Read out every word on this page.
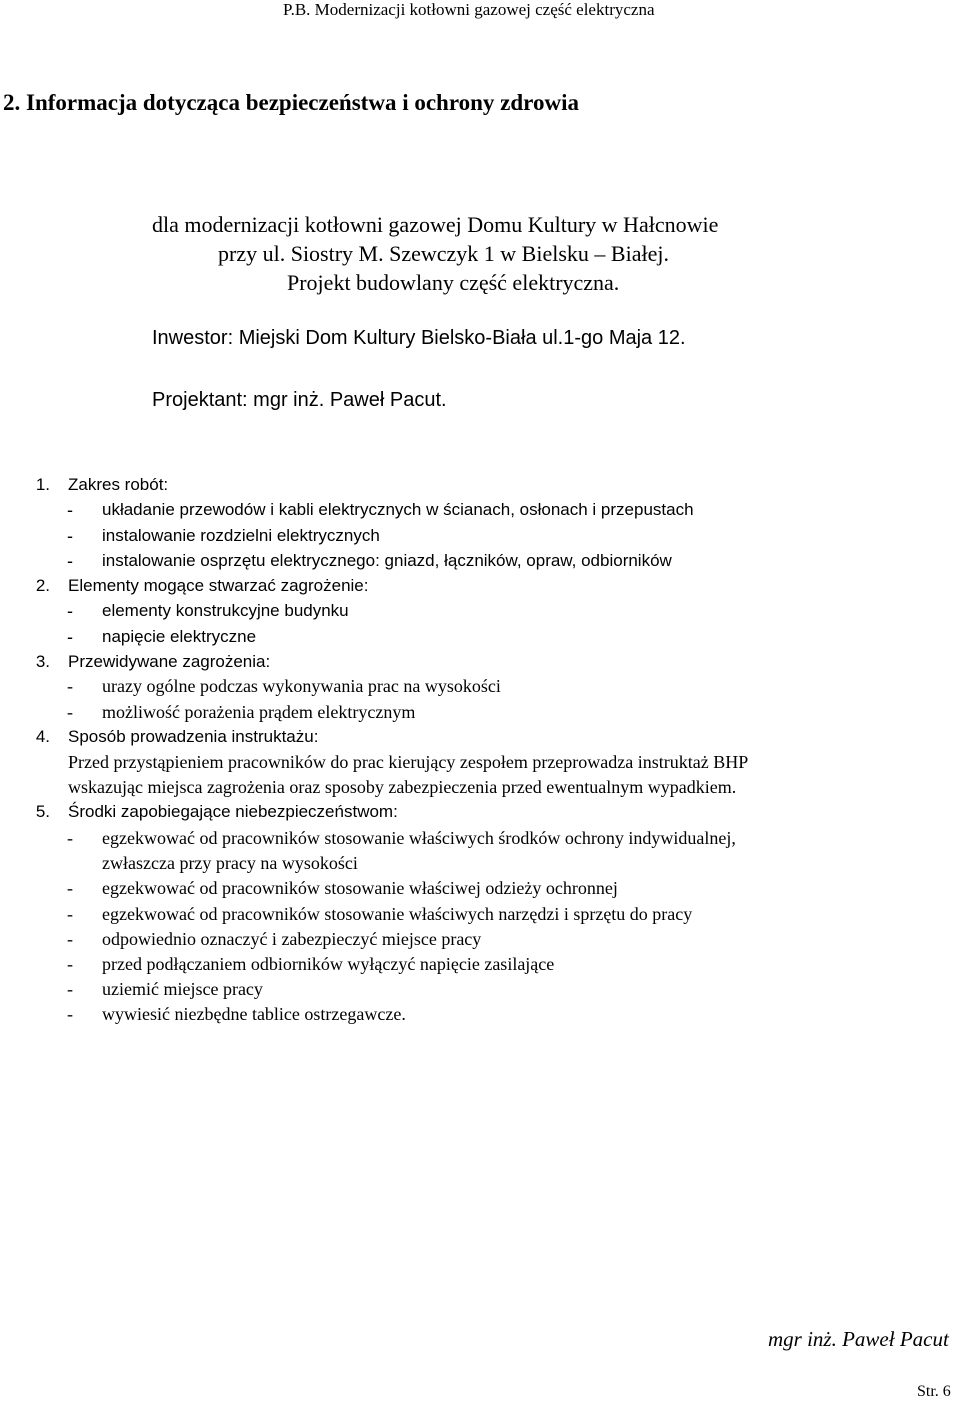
P.B. Modernizacji kotłowni gazowej część elektryczna
2. Informacja dotycząca bezpieczeństwa i ochrony zdrowia
dla modernizacji kotłowni gazowej Domu Kultury w Hałcnowie
przy ul. Siostry M. Szewczyk 1 w Bielsku – Białej.
Projekt budowlany część elektryczna.
Inwestor: Miejski Dom Kultury Bielsko-Biała ul.1-go Maja 12.
Projektant: mgr inż. Paweł Pacut.
1. Zakres robót:
- układanie przewodów i kabli elektrycznych w ścianach, osłonach i przepustach
- instalowanie rozdzielni elektrycznych
- instalowanie osprzętu elektrycznego: gniazd, łączników, opraw, odbiorników
2. Elementy mogące stwarzać zagrożenie:
- elementy konstrukcyjne budynku
- napięcie elektryczne
3. Przewidywane zagrożenia:
- urazy ogólne podczas wykonywania prac na wysokości
- możliwość porażenia prądem elektrycznym
4. Sposób prowadzenia instruktażu:
Przed przystąpieniem pracowników do prac kierujący zespołem przeprowadza instruktaż BHP
wskazując miejsca zagrożenia oraz sposoby zabezpieczenia przed ewentualnym wypadkiem.
5. Środki zapobiegające niebezpieczeństwom:
- egzekwować od pracowników stosowanie właściwych środków ochrony indywidualnej,
zwłaszcza przy pracy na wysokości
- egzekwować od pracowników stosowanie właściwej odzieży ochronnej
- egzekwować od pracowników stosowanie właściwych narzędzi i sprzętu do pracy
- odpowiednio oznaczyć i zabezpieczyć miejsce pracy
- przed podłączaniem odbiorników wyłączyć napięcie zasilające
- uziemić miejsce pracy
- wywiesić niezbędne tablice ostrzegawcze.
mgr inż. Paweł Pacut
Str. 6
